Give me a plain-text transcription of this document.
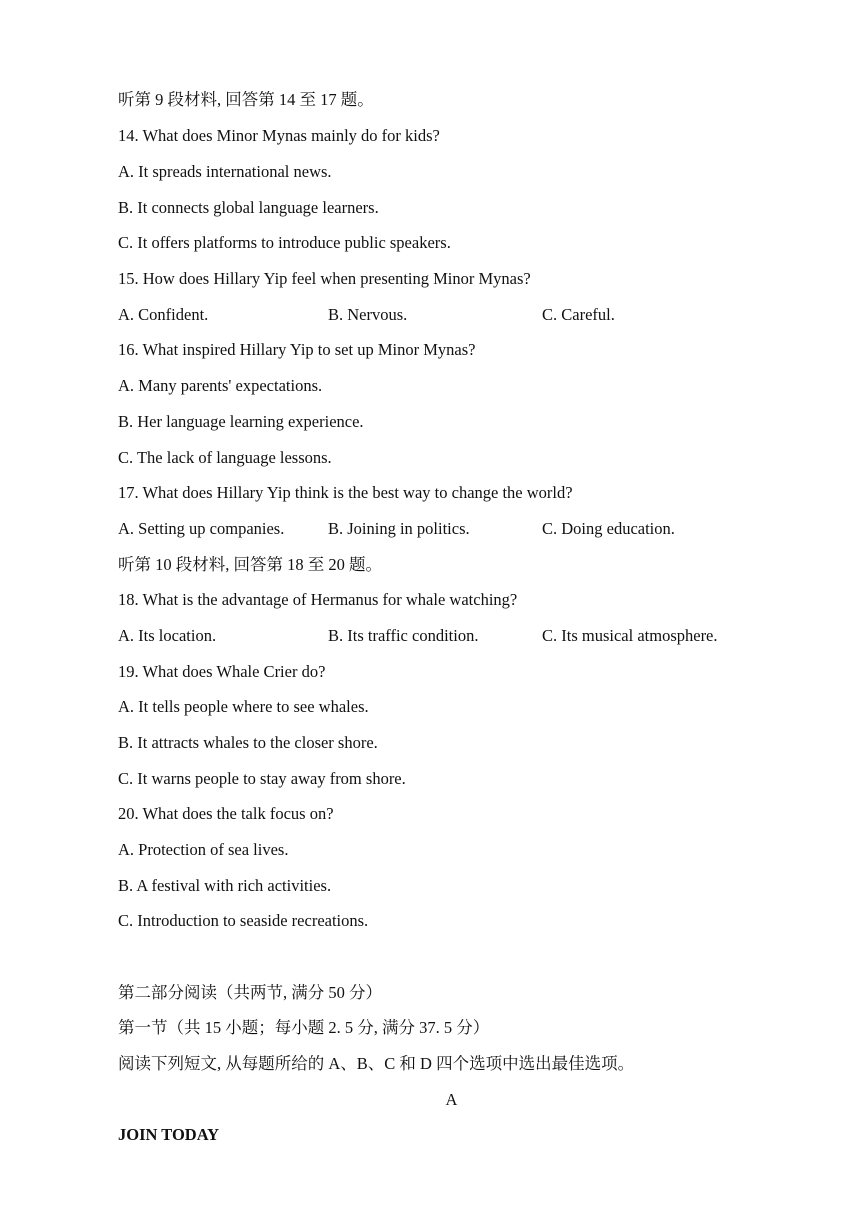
听第 9 段材料, 回答第 14 至 17 题。
14. What does Minor Mynas mainly do for kids?
A. It spreads international news.
B. It connects global language learners.
C. It offers platforms to introduce public speakers.
15. How does Hillary Yip feel when presenting Minor Mynas?
A. Confident.	B. Nervous.	C. Careful.
16. What inspired Hillary Yip to set up Minor Mynas?
A. Many parents' expectations.
B. Her language learning experience.
C. The lack of language lessons.
17. What does Hillary Yip think is the best way to change the world?
A. Setting up companies.	B. Joining in politics.	C. Doing education.
听第 10 段材料, 回答第 18 至 20 题。
18. What is the advantage of Hermanus for whale watching?
A. Its location.	B. Its traffic condition.	C. Its musical atmosphere.
19. What does Whale Crier do?
A. It tells people where to see whales.
B. It attracts whales to the closer shore.
C. It warns people to stay away from shore.
20. What does the talk focus on?
A. Protection of sea lives.
B. A festival with rich activities.
C. Introduction to seaside recreations.
第二部分阅读（共两节, 满分 50 分）
第一节（共 15 小题；每小题 2. 5 分, 满分 37. 5 分）
阅读下列短文, 从每题所给的 A、B、C 和 D 四个选项中选出最佳选项。
A
JOIN TODAY
